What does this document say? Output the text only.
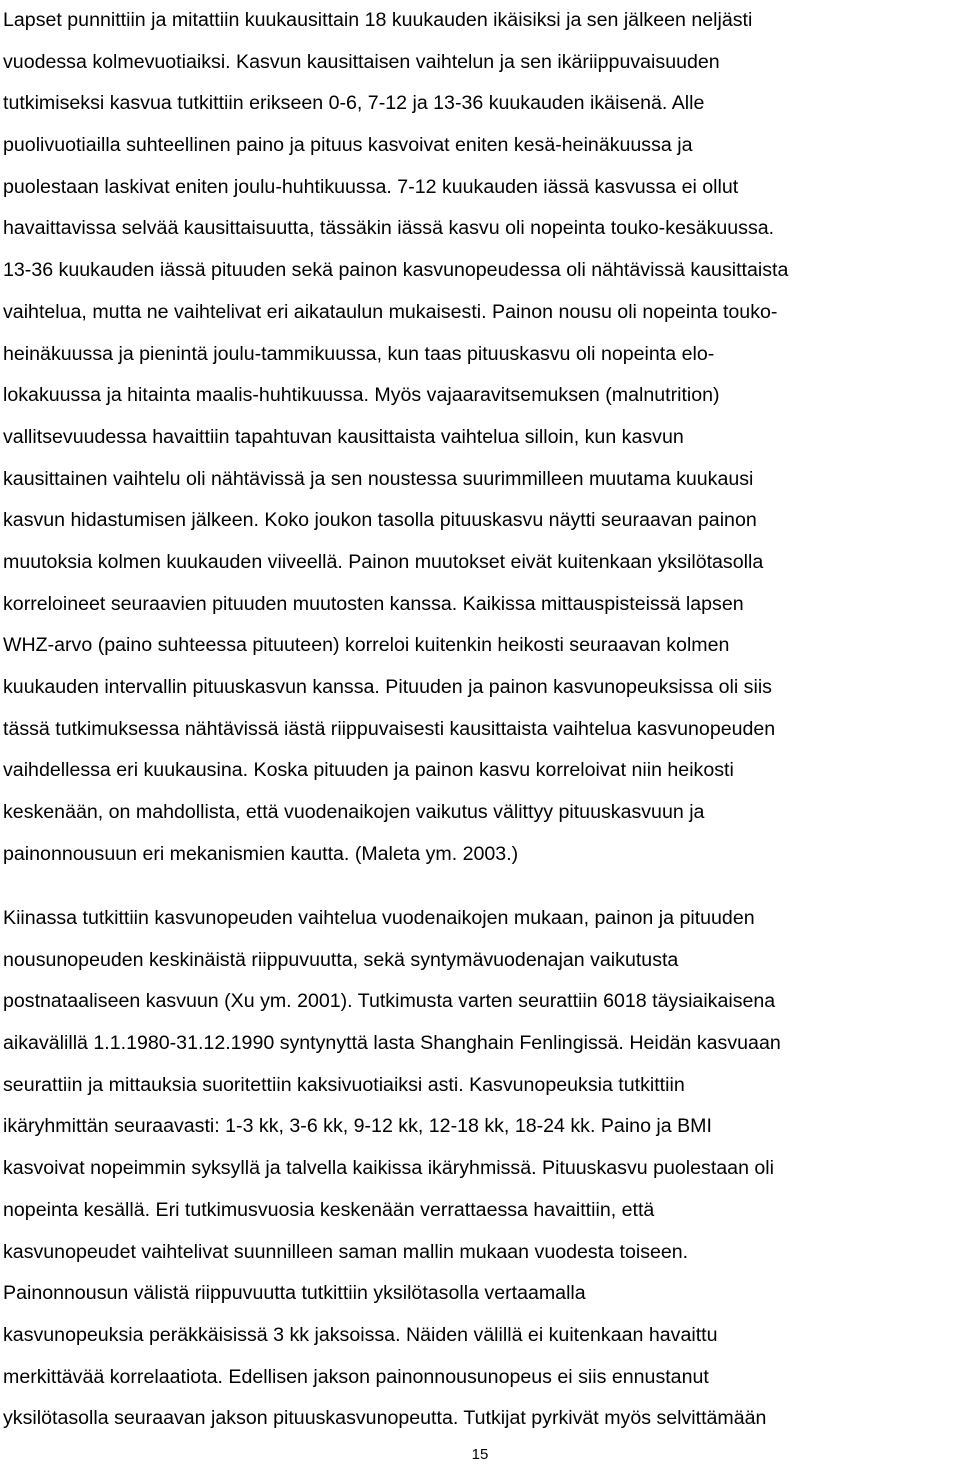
Lapset punnittiin ja mitattiin kuukausittain 18 kuukauden ikäisiksi ja sen jälkeen neljästi
vuodessa kolmevuotiaiksi. Kasvun kausittaisen vaihtelun ja sen ikäriippuvaisuuden
tutkimiseksi kasvua tutkittiin erikseen 0-6, 7-12 ja 13-36 kuukauden ikäisenä. Alle
puolivuotiailla suhteellinen paino ja pituus kasvoivat eniten kesä-heinäkuussa ja
puolestaan laskivat eniten joulu-huhtikuussa. 7-12 kuukauden iässä kasvussa ei ollut
havaittavissa selvää kausittaisuutta, tässäkin iässä kasvu oli nopeinta touko-kesäkuussa.
13-36 kuukauden iässä pituuden sekä painon kasvunopeudessa oli nähtävissä kausittaista
vaihtelua, mutta ne vaihtelivat eri aikataulun mukaisesti. Painon nousu oli nopeinta touko-
heinäkuussa ja pienintä joulu-tammikuussa, kun taas pituuskasvu oli nopeinta elo-
lokakuussa ja hitainta maalis-huhtikuussa. Myös vajaaravitsemuksen (malnutrition)
vallitsevuudessa havaittiin tapahtuvan kausittaista vaihtelua silloin, kun kasvun
kausittainen vaihtelu oli nähtävissä ja sen noustessa suurimmilleen muutama kuukausi
kasvun hidastumisen jälkeen. Koko joukon tasolla pituuskasvu näytti seuraavan painon
muutoksia kolmen kuukauden viiveellä. Painon muutokset eivät kuitenkaan yksilötasolla
korreloineet seuraavien pituuden muutosten kanssa. Kaikissa mittauspisteissä lapsen
WHZ-arvo (paino suhteessa pituuteen) korreloi kuitenkin heikosti seuraavan kolmen
kuukauden intervallin pituuskasvun kanssa. Pituuden ja painon kasvunopeuksissa oli siis
tässä tutkimuksessa nähtävissä iästä riippuvaisesti kausittaista vaihtelua kasvunopeuden
vaihdellessa eri kuukausina. Koska pituuden ja painon kasvu korreloivat niin heikosti
keskenään, on mahdollista, että vuodenaikojen vaikutus välittyy pituuskasvuun ja
painonnousuun eri mekanismien kautta. (Maleta ym. 2003.)

Kiinassa tutkittiin kasvunopeuden vaihtelua vuodenaikojen mukaan, painon ja pituuden
nousunopeuden keskinäistä riippuvuutta, sekä syntymävuodenajan vaikutusta
postnataaliseen kasvuun (Xu ym. 2001). Tutkimusta varten seurattiin 6018 täysiaikaisena
aikavälillä 1.1.1980-31.12.1990 syntynyttä lasta Shanghain Fenlingissä. Heidän kasvuaan
seurattiin ja mittauksia suoritettiin kaksivuotiaiksi asti. Kasvunopeuksia tutkittiin
ikäryhmittän seuraavasti: 1-3 kk, 3-6 kk, 9-12 kk, 12-18 kk, 18-24 kk. Paino ja BMI
kasvoivat nopeimmin syksyllä ja talvella kaikissa ikäryhmissä. Pituuskasvu puolestaan oli
nopeinta kesällä. Eri tutkimusvuosia keskenään verrattaessa havaittiin, että
kasvunopeudet vaihtelivat suunnilleen saman mallin mukaan vuodesta toiseen.
Painonnousun välistä riippuvuutta tutkittiin yksilötasolla vertaamalla
kasvunopeuksia peräkkäisissä 3 kk jaksoissa. Näiden välillä ei kuitenkaan havaittu
merkittävää korrelaatiota. Edellisen jakson painonnousunopeus ei siis ennustanut
yksilötasolla seuraavan jakson pituuskasvunopeutta. Tutkijat pyrkivät myös selvittämään

15
